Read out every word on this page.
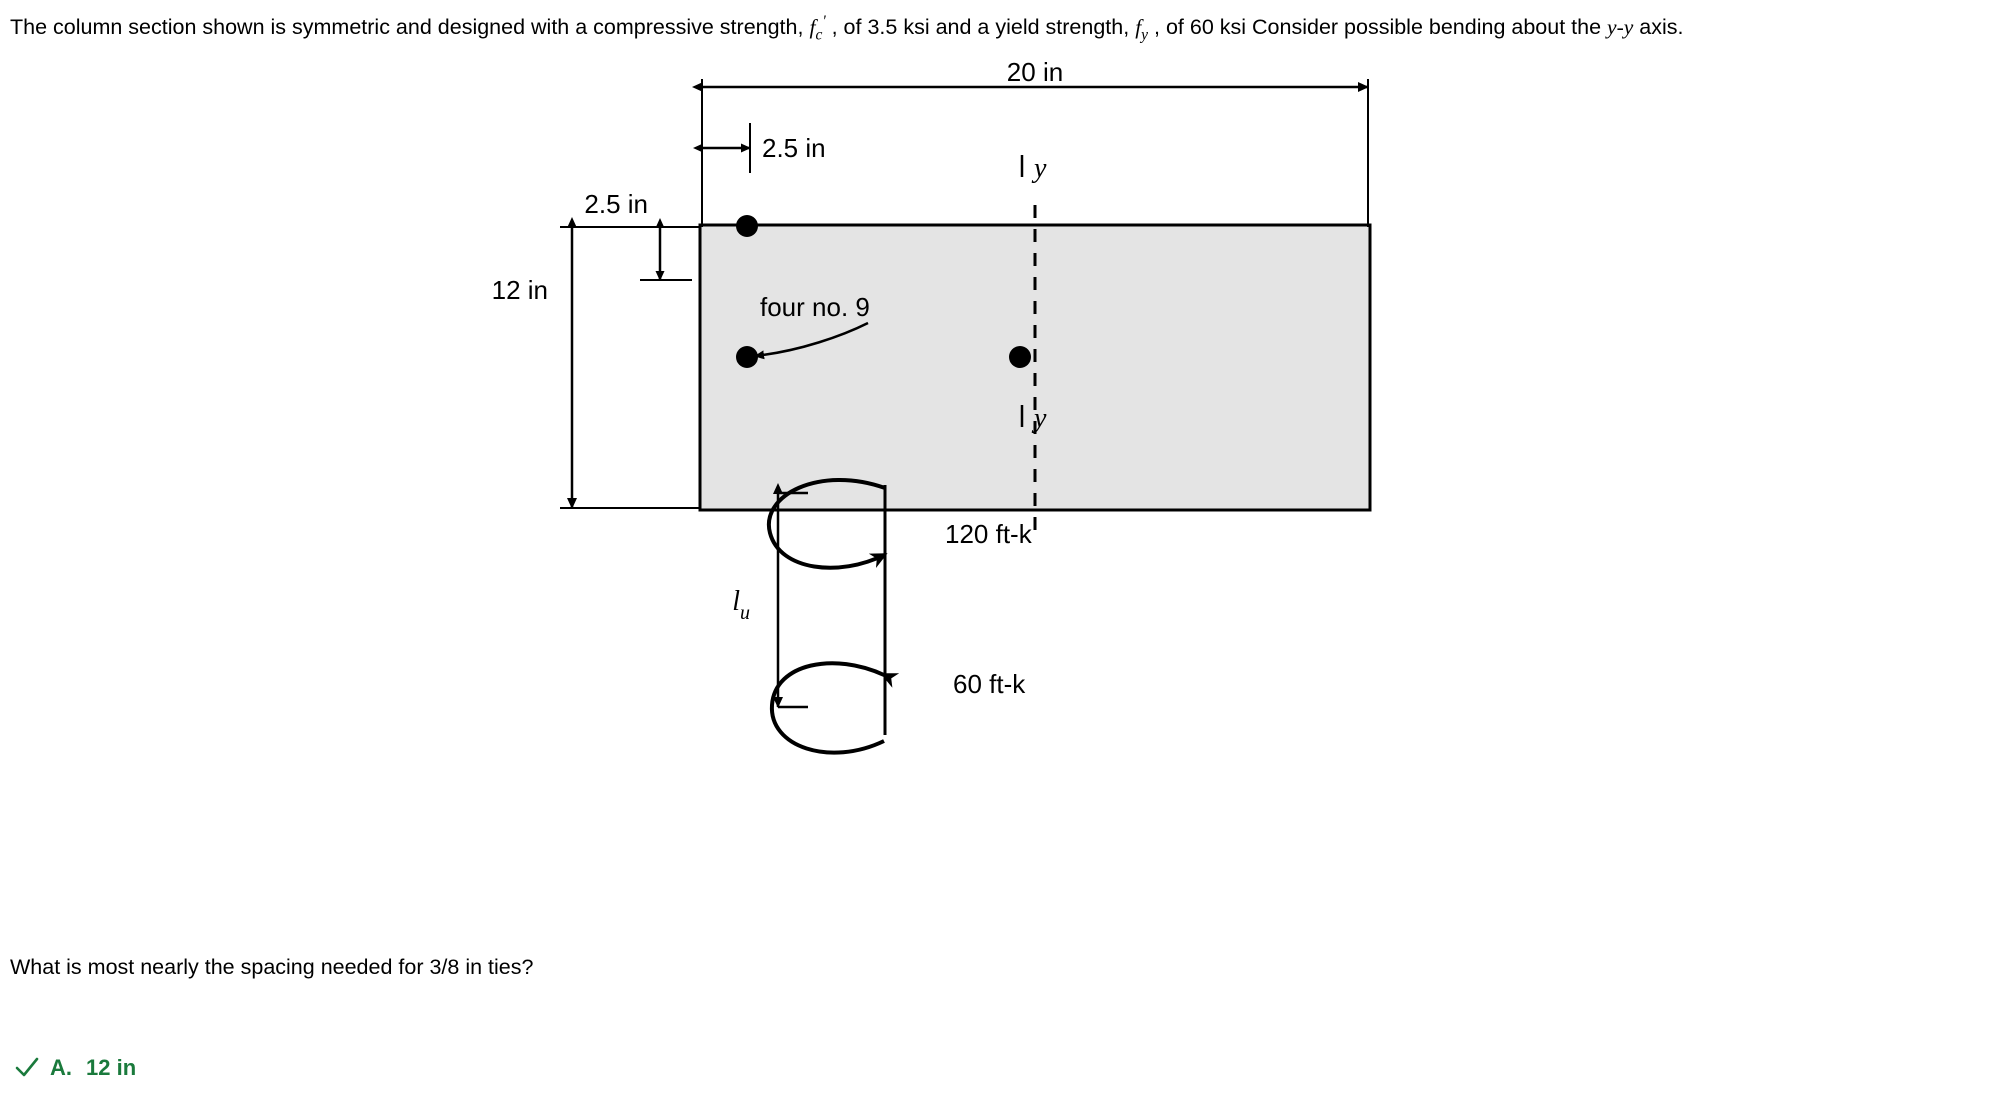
The column section shown is symmetric and designed with a compressive strength, $f_c'$ , of 3.5 ksi and a yield strength, $f_y$ , of 60 ksi Consider possible bending about the y-y axis.
20 in
2.5 in
2.5 in
12 in
y
y
four no. 9
120 ft-k
60 ft-k
$l_u$
What is most nearly the spacing needed for 3/8 in ties?
A. 12 in
